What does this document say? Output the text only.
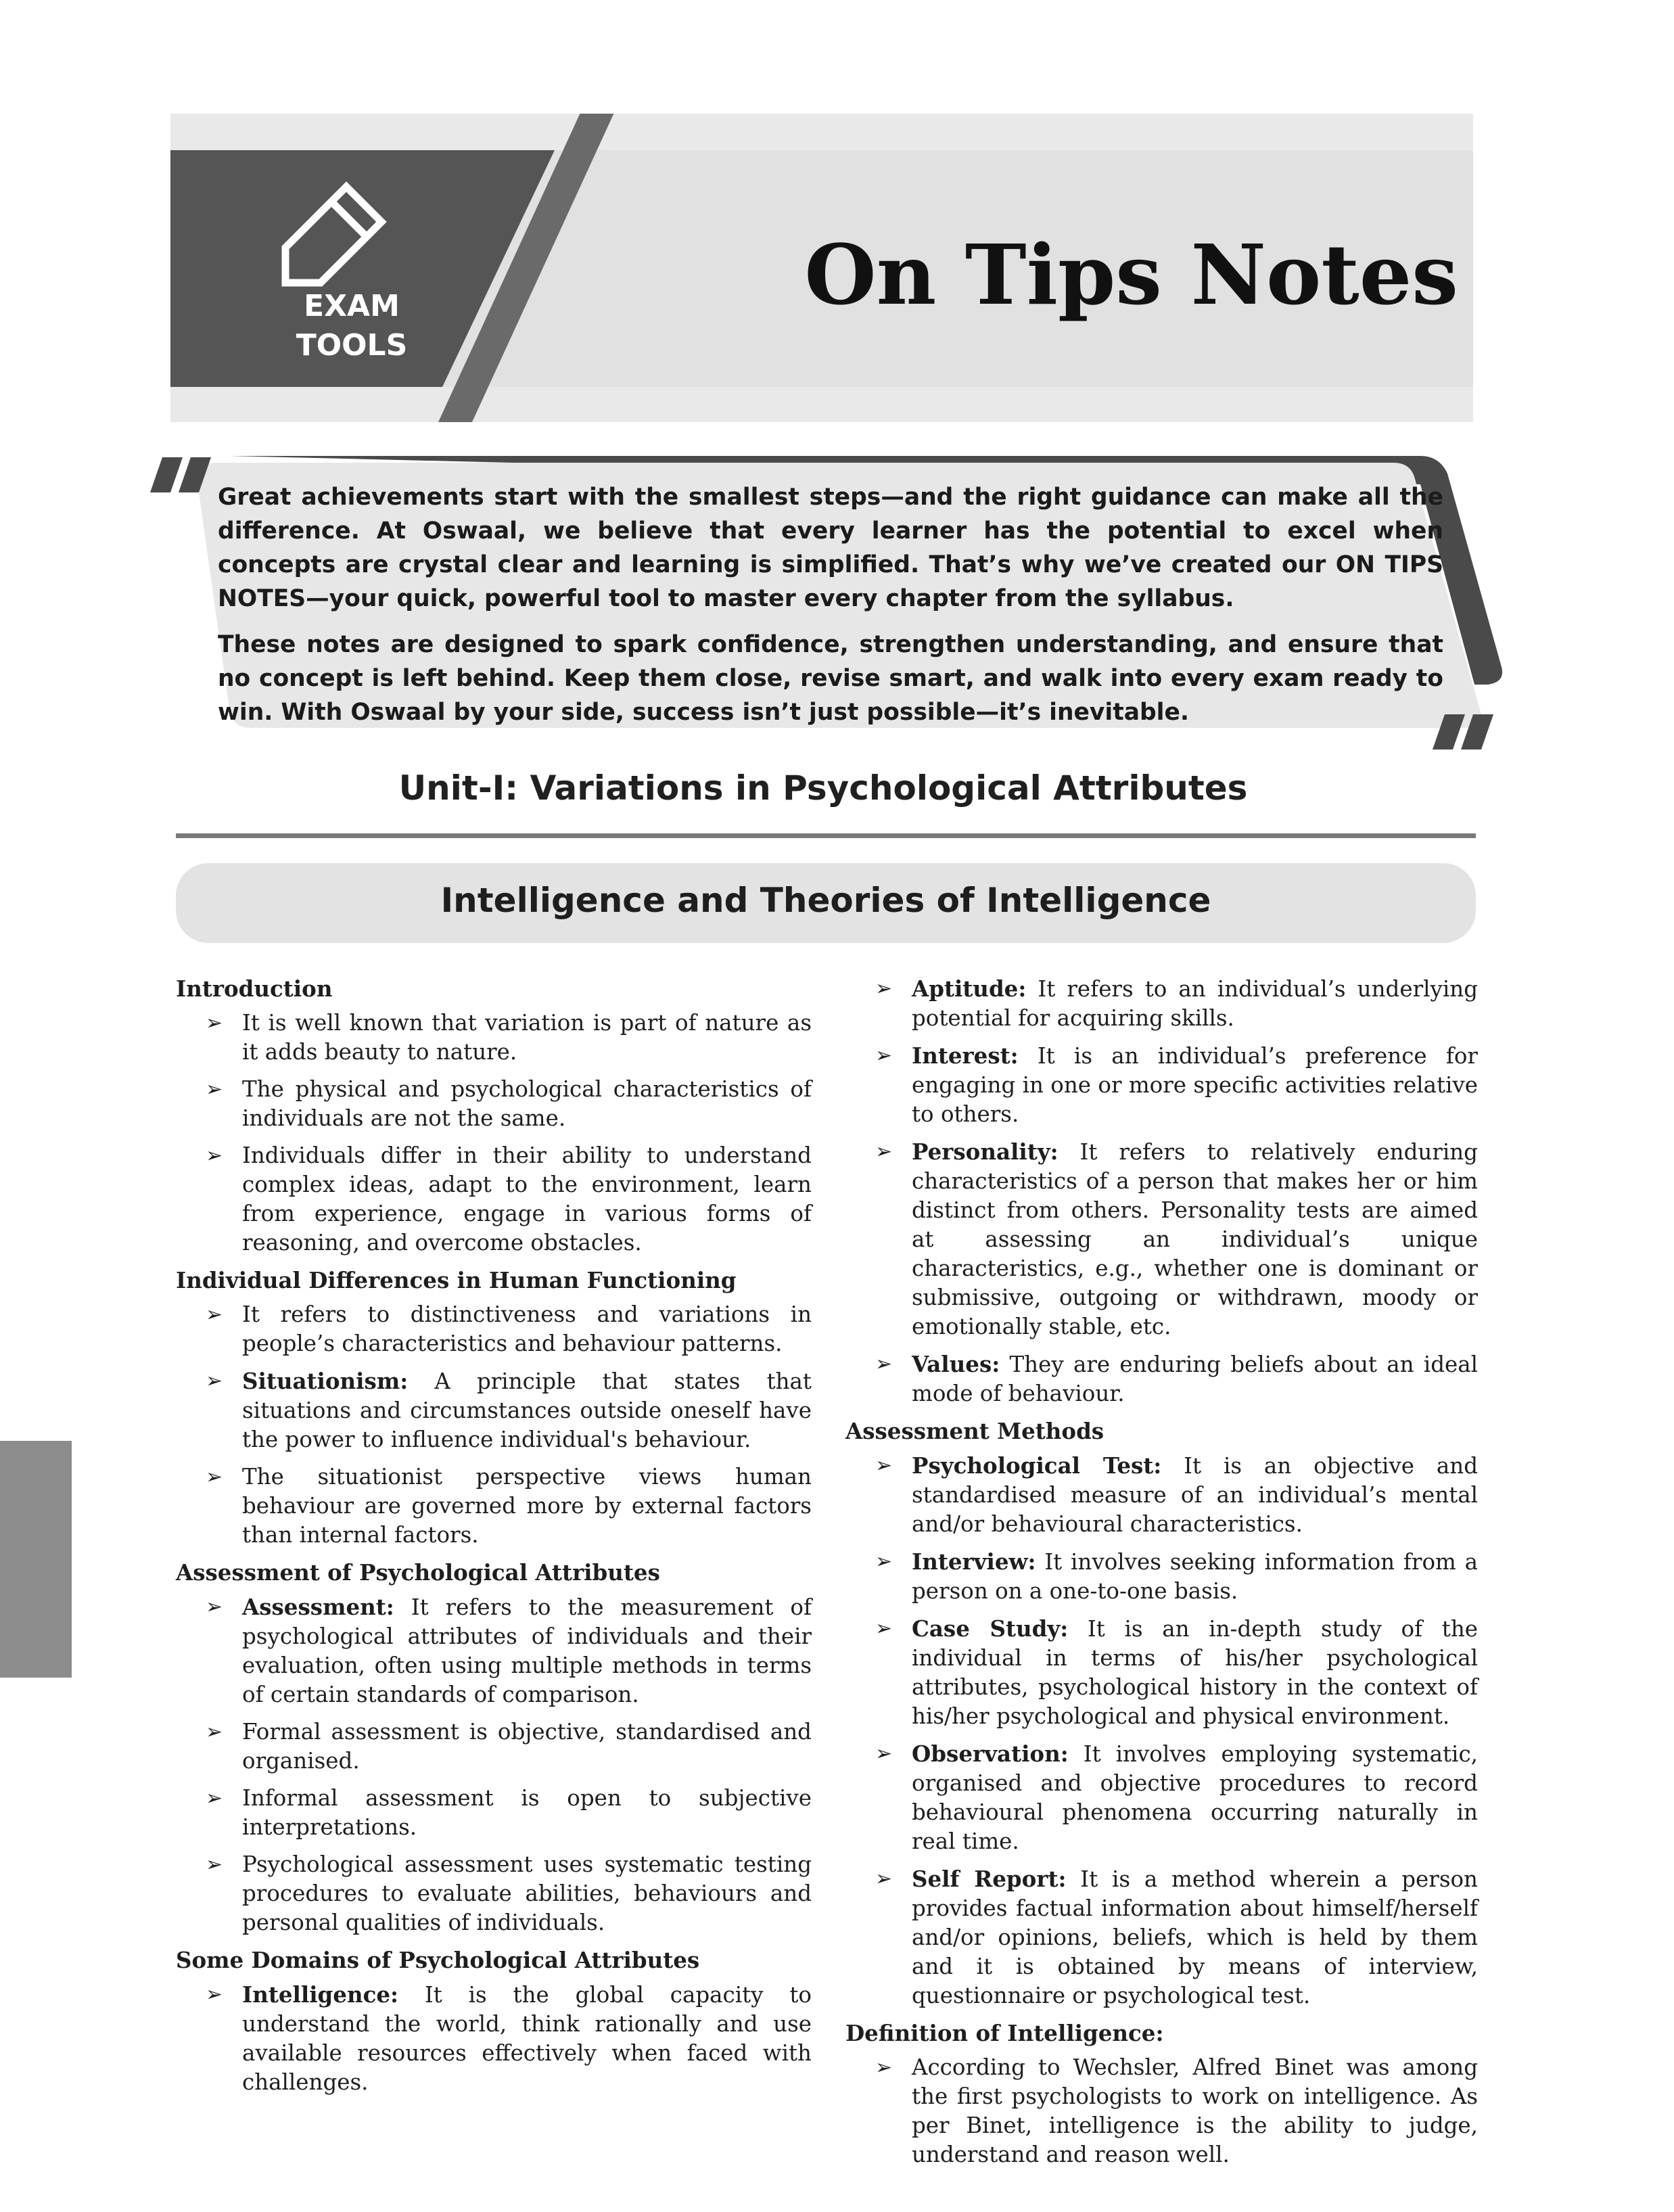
EXAM
TOOLS
On Tips Notes

Great achievements start with the smallest steps—and the right guidance can make all the difference. At Oswaal, we believe that every learner has the potential to excel when concepts are crystal clear and learning is simplified. That’s why we’ve created our ON TIPS NOTES—your quick, powerful tool to master every chapter from the syllabus.

These notes are designed to spark confidence, strengthen understanding, and ensure that no concept is left behind. Keep them close, revise smart, and walk into every exam ready to win. With Oswaal by your side, success isn’t just possible—it’s inevitable.

Unit-I: Variations in Psychological Attributes
Intelligence and Theories of Intelligence
Introduction
➢ It is well known that variation is part of nature as it adds beauty to nature.
➢ The physical and psychological characteristics of individuals are not the same.
➢ Individuals differ in their ability to understand complex ideas, adapt to the environment, learn from experience, engage in various forms of reasoning, and overcome obstacles.
Individual Differences in Human Functioning
➢ It refers to distinctiveness and variations in people’s characteristics and behaviour patterns.
➢ Situationism: A principle that states that situations and circumstances outside oneself have the power to influence individual's behaviour.
➢ The situationist perspective views human behaviour are governed more by external factors than internal factors.
Assessment of Psychological Attributes
➢ Assessment: It refers to the measurement of psychological attributes of individuals and their evaluation, often using multiple methods in terms of certain standards of comparison.
➢ Formal assessment is objective, standardised and organised.
➢ Informal assessment is open to subjective interpretations.
➢ Psychological assessment uses systematic testing procedures to evaluate abilities, behaviours and personal qualities of individuals.
Some Domains of Psychological Attributes
➢ Intelligence: It is the global capacity to understand the world, think rationally and use available resources effectively when faced with challenges.
➢ Aptitude: It refers to an individual’s underlying potential for acquiring skills.
➢ Interest: It is an individual’s preference for engaging in one or more specific activities relative to others.
➢ Personality: It refers to relatively enduring characteristics of a person that makes her or him distinct from others. Personality tests are aimed at assessing an individual’s unique characteristics, e.g., whether one is dominant or submissive, outgoing or withdrawn, moody or emotionally stable, etc.
➢ Values: They are enduring beliefs about an ideal mode of behaviour.
Assessment Methods
➢ Psychological Test: It is an objective and standardised measure of an individual’s mental and/or behavioural characteristics.
➢ Interview: It involves seeking information from a person on a one-to-one basis.
➢ Case Study: It is an in-depth study of the individual in terms of his/her psychological attributes, psychological history in the context of his/her psychological and physical environment.
➢ Observation: It involves employing systematic, organised and objective procedures to record behavioural phenomena occurring naturally in real time.
➢ Self Report: It is a method wherein a person provides factual information about himself/herself and/or opinions, beliefs, which is held by them and it is obtained by means of interview, questionnaire or psychological test.
Definition of Intelligence:
➢ According to Wechsler, Alfred Binet was among the first psychologists to work on intelligence. As per Binet, intelligence is the ability to judge, understand and reason well.
